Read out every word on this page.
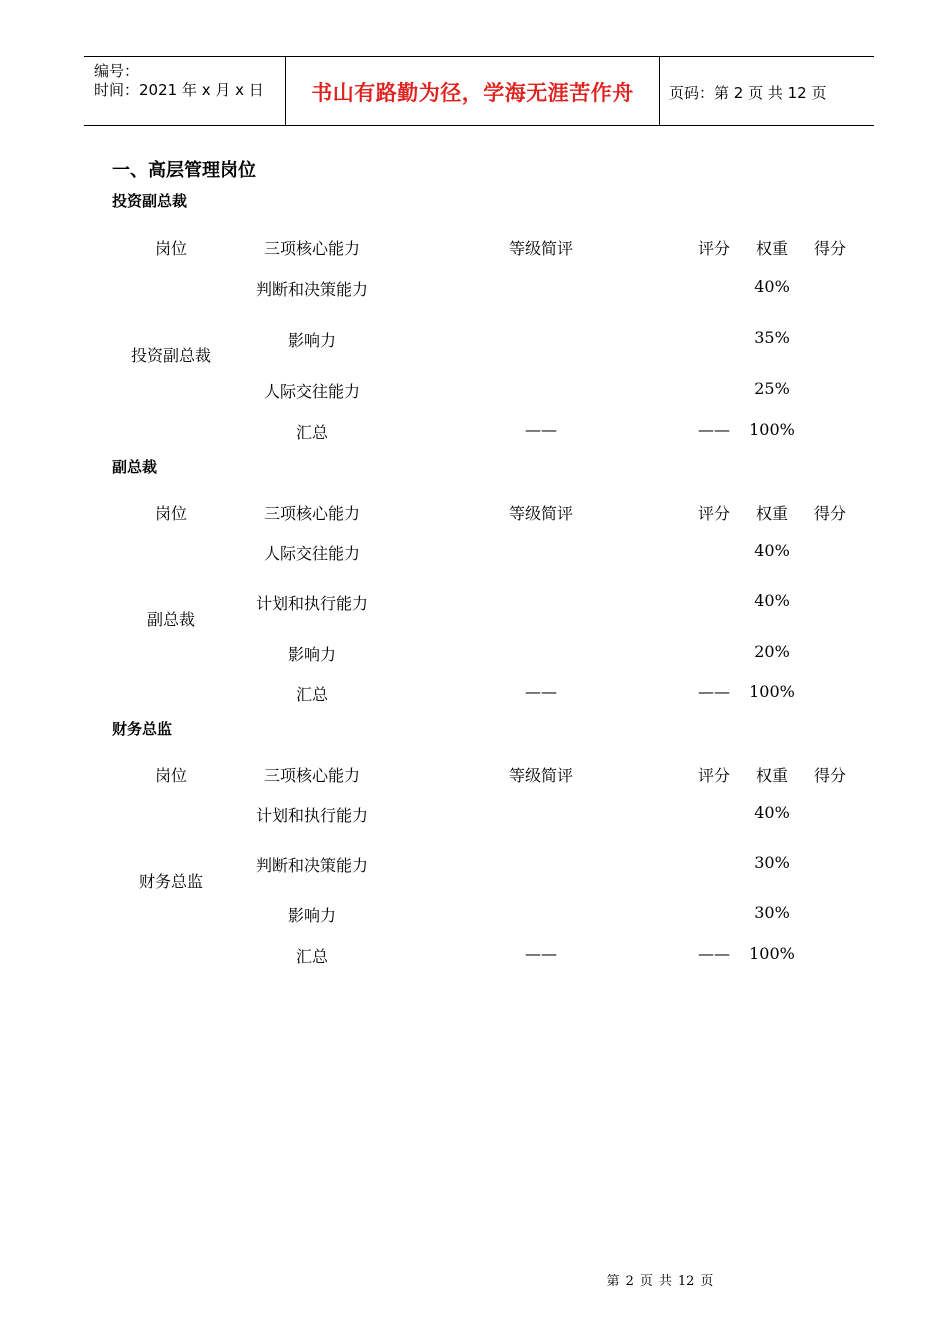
编号：
时间：2021 年 x 月 x 日	书山有路勤为径，学海无涯苦作舟	页码：第 2 页 共 12 页
一、高层管理岗位
投资副总裁
岗位	三项核心能力	等级简评	评分 权重 得分
投资副总裁
判断和决策能力	40%
影响力	35%
人际交往能力	25%
汇总	——	—— 100%
副总裁
岗位	三项核心能力	等级简评	评分 权重 得分
副总裁
人际交往能力	40%
计划和执行能力	40%
影响力	20%
汇总	——	—— 100%
财务总监
岗位	三项核心能力	等级简评	评分 权重 得分
财务总监
计划和执行能力	40%
判断和决策能力	30%
影响力	30%
汇总	——	—— 100%
第 2 页 共 12 页
